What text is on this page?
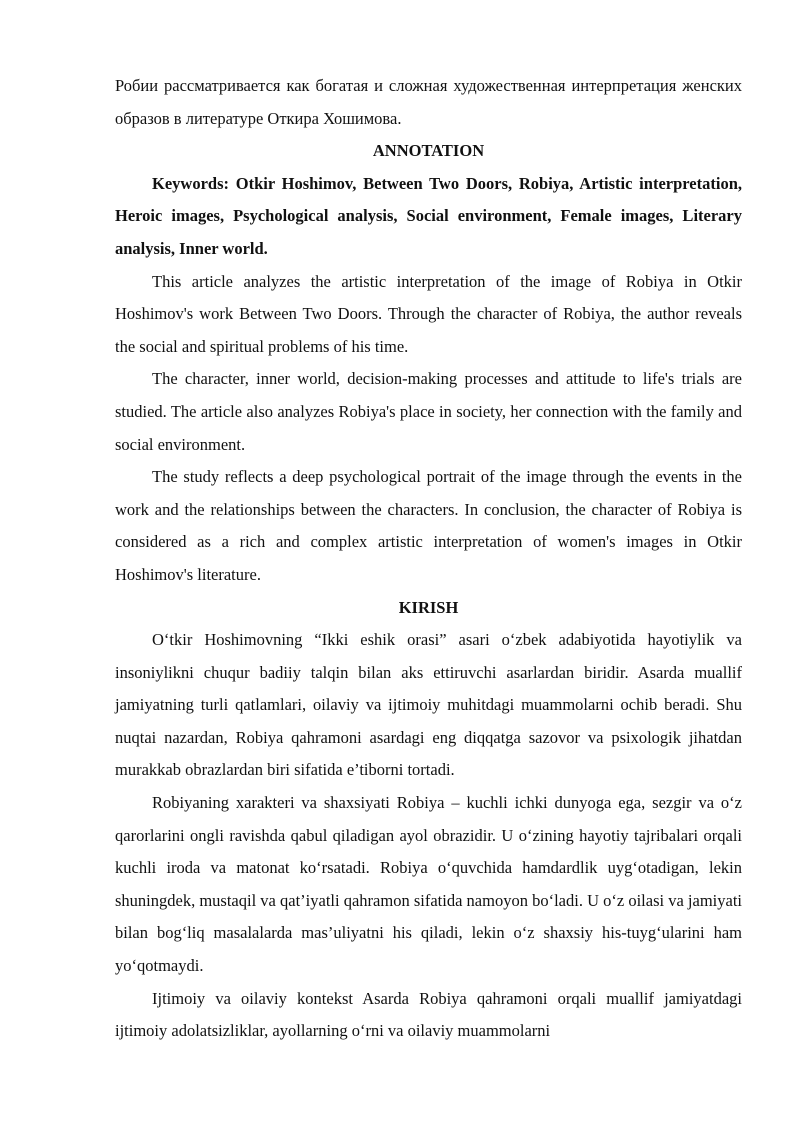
Робии рассматривается как богатая и сложная художественная интерпретация женских образов в литературе Откира Хошимова.

ANNOTATION

Keywords: Otkir Hoshimov, Between Two Doors, Robiya, Artistic interpretation, Heroic images, Psychological analysis, Social environment, Female images, Literary analysis, Inner world.

This article analyzes the artistic interpretation of the image of Robiya in Otkir Hoshimov's work Between Two Doors. Through the character of Robiya, the author reveals the social and spiritual problems of his time.

The character, inner world, decision-making processes and attitude to life's trials are studied. The article also analyzes Robiya's place in society, her connection with the family and social environment.

The study reflects a deep psychological portrait of the image through the events in the work and the relationships between the characters. In conclusion, the character of Robiya is considered as a rich and complex artistic interpretation of women's images in Otkir Hoshimov's literature.

KIRISH

O‘tkir Hoshimovning “Ikki eshik orasi” asari o‘zbek adabiyotida hayotiylik va insoniylikni chuqur badiiy talqin bilan aks ettiruvchi asarlardan biridir. Asarda muallif jamiyatning turli qatlamlari, oilaviy va ijtimoiy muhitdagi muammolarni ochib beradi. Shu nuqtai nazardan, Robiya qahramoni asardagi eng diqqatga sazovor va psixologik jihatdan murakkab obrazlardan biri sifatida e’tiborni tortadi.

Robiyaning xarakteri va shaxsiyati Robiya – kuchli ichki dunyoga ega, sezgir va o‘z qarorlarini ongli ravishda qabul qiladigan ayol obrazidir. U o‘zining hayotiy tajribalari orqali kuchli iroda va matonat ko‘rsatadi. Robiya o‘quvchida hamdardlik uyg‘otadigan, lekin shuningdek, mustaqil va qat’iyatli qahramon sifatida namoyon bo‘ladi. U o‘z oilasi va jamiyati bilan bog‘liq masalalarda mas’uliyatni his qiladi, lekin o‘z shaxsiy his-tuyg‘ularini ham yo‘qotmaydi.

Ijtimoiy va oilaviy kontekst Asarda Robiya qahramoni orqali muallif jamiyatdagi ijtimoiy adolatsizliklar, ayollarning o‘rni va oilaviy muammolarni
